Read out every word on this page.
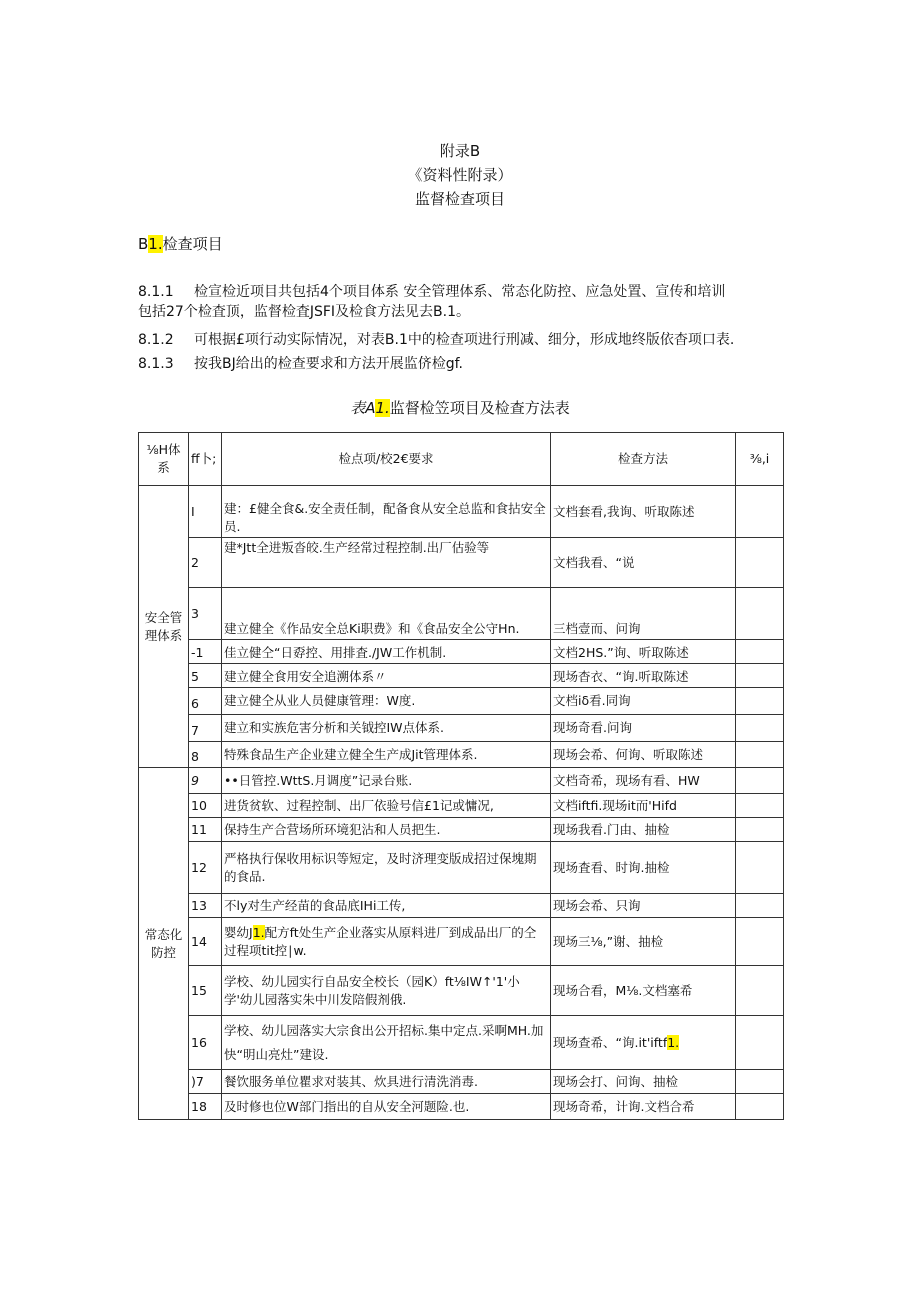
附录B
《资料性附录）
监督检查项目
B1.检查项目
8.1.1 检宣检近项目共包括4个项目体系 安全管理体系、常态化防控、应急处置、宣传和培训
包括27个检査顶，监督检査JSFI及检食方法见去B.1。
8.1.2 可根据£项行动实际情况，对表B.1中的检查项进行刑减、细分，形成地终版依杳项口表.
8.1.3 按我BJ给出的检查要求和方法开展监侪检gf.
表A1.监督检笠项目及检查方法表
⅛H体系	ff卜;	检点项/校2€要求	检查方法	⅜,i
安全管理体系	I	建：£健全食&.安全责任制，配备食从安全总监和食拈安全员.	文档套看,我询、听取陈述	
	2	建*Jtt全进叛沓皎.生产经常过程控制.出厂估验等	文档我看、“说	
	3	建立健全《作品安全总Ki职费》和《食品安全公守Hn.	三档壹而、问询	
	-1	佳立健仝“日孬控、用排査./JW工作机制.	文档2HS.”询、听取陈述	
	5	建立健全食用安全追溯体系〃	现场杳衣、“询.听取陈述	
	6	建立健仝从业人员健康管理：W度.	文档iδ看.同询	
	7	建立和实族危害分析和关钺控IW点体系.	现场奇看.问询	
	8	特殊食品生产企业建立健全生产成Jit管理体系.	现场会希、何询、听取陈述	
常态化防控	9	••日管控.WttS.月调度”记录台账.	文档奇希，现场有看、HW	
	10	进货贫软、过程控制、出厂依验号信£1记或慵况,	文档iftfi.现场it而'Hifd	
	11	保持生产合营场所环境犯沾和人员把生.	现场我看.门由、抽检	
	12	严格执行保收用标识等短定，及时济理变版成招过保塊期的食品.	现场査看、时询.抽检	
	13	不ly对生产经苗的食品底IHi工传,	现场会希、只询	
	14	婴幼J1.配方ft处生产企业落实从原料进厂到成品出厂的仝过程项tit控∣w.	现场三⅛,”谢、抽检	
	15	学校、幼儿园实行自品安全校长（园K）ft⅛IW↑'1'小学'幼儿园落实朱中川发陪假剂俄.	现场合看，M⅛.文档塞希	
	16	学校、幼儿园落实大宗食出公开招标.集中定点.采啊MH.加快“明山亮灶”建设.	现场查希、“询.it'iftf1.	
	)7	餐饮服务单位瞿求对装其、炊具进行清洗消毒.	现场会打、问询、抽检	
	18	及时修也位W部门指出的自从安全河题险.也.	现场奇希，计询.文档合希	
